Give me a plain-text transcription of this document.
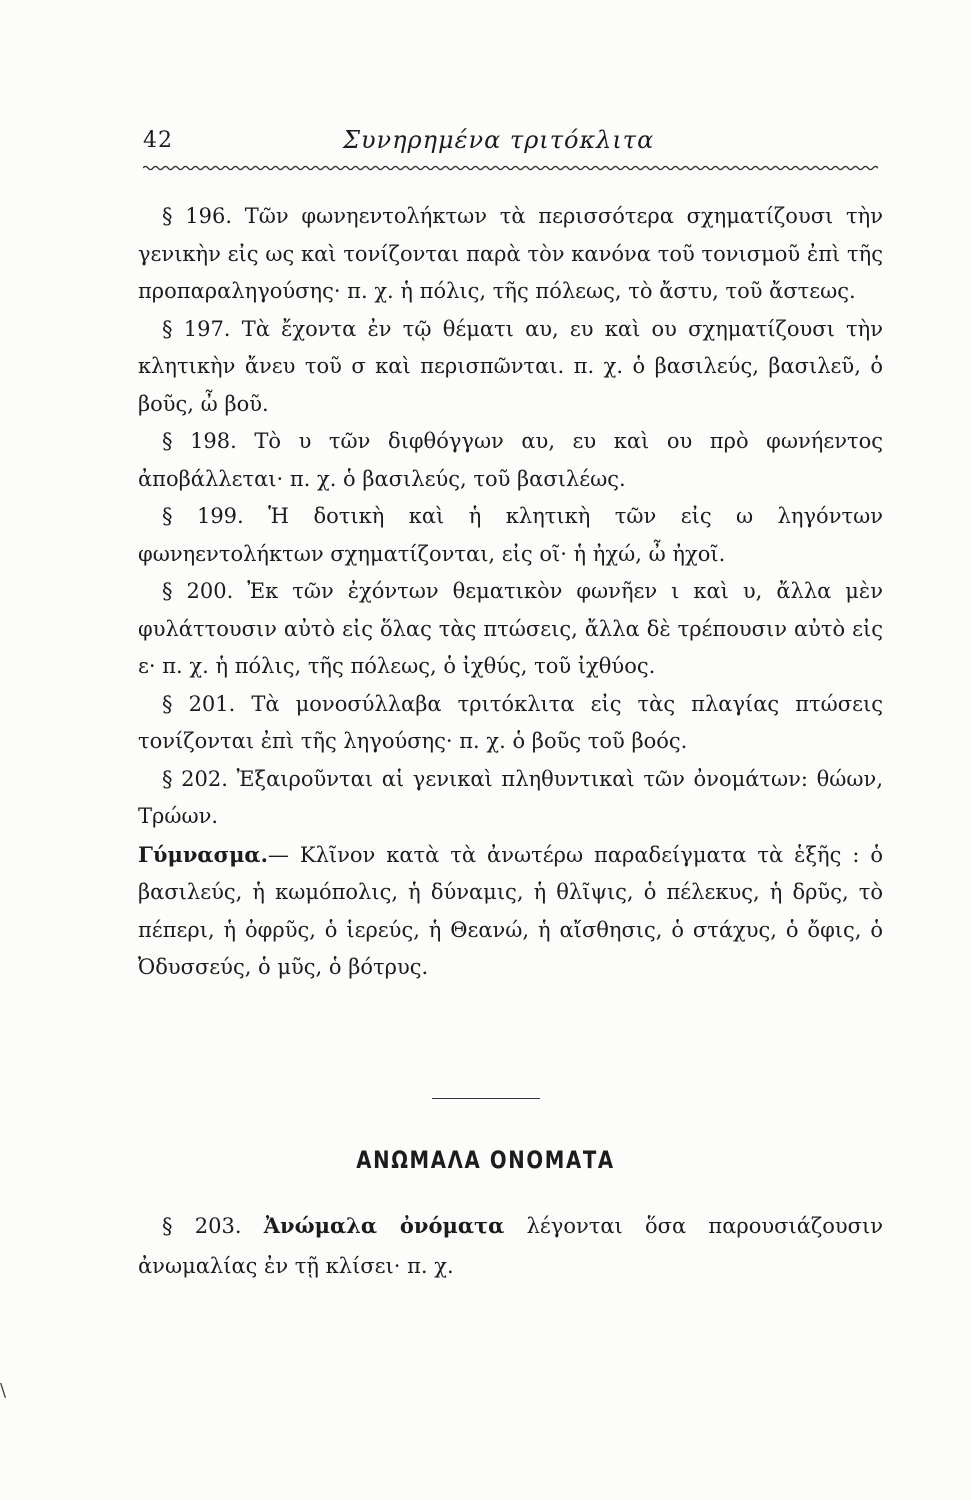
42	Συνηρημένα τριτόκλιτα

§ 196. Τῶν φωνηεντολήκτων τὰ περισσότερα σχηματίζουσι τὴν γενικὴν εἰς ως καὶ τονίζονται παρὰ τὸν κανόνα τοῦ τονισμοῦ ἐπὶ τῆς προπαραληγούσης· π. χ. ἡ πόλις, τῆς πόλεως, τὸ ἄστυ, τοῦ ἄστεως.

§ 197. Τὰ ἔχοντα ἐν τῷ θέματι αυ, ευ καὶ ου σχηματίζουσι τὴν κλητικὴν ἄνευ τοῦ σ καὶ περισπῶνται. π. χ. ὁ βασιλεύς, βασιλεῦ, ὁ βοῦς, ὦ βοῦ.

§ 198. Τὸ υ τῶν διφθόγγων αυ, ευ καὶ ου πρὸ φωνήεντος ἀποβάλλεται· π. χ. ὁ βασιλεύς, τοῦ βασιλέως.

§ 199. Ἡ δοτικὴ καὶ ἡ κλητικὴ τῶν εἰς ω ληγόντων φωνηεντολήκτων σχηματίζονται, εἰς οῖ· ἡ ἠχώ, ὦ ἠχοῖ.

§ 200. Ἐκ τῶν ἐχόντων θεματικὸν φωνῆεν ι καὶ υ, ἄλλα μὲν φυλάττουσιν αὐτὸ εἰς ὅλας τὰς πτώσεις, ἄλλα δὲ τρέπουσιν αὐτὸ εἰς ε· π. χ. ἡ πόλις, τῆς πόλεως, ὁ ἰχθύς, τοῦ ἰχθύος.

§ 201. Τὰ μονοσύλλαβα τριτόκλιτα εἰς τὰς πλαγίας πτώσεις τονίζονται ἐπὶ τῆς ληγούσης· π. χ. ὁ βοῦς τοῦ βοός.

§ 202. Ἐξαιροῦνται αἱ γενικαὶ πληθυντικαὶ τῶν ὀνομάτων: θώων, Τρώων.

Γύμνασμα.— Κλῖνον κατὰ τὰ ἀνωτέρω παραδείγματα τὰ ἑξῆς : ὁ βασιλεύς, ἡ κωμόπολις, ἡ δύναμις, ἡ θλῖψις, ὁ πέλεκυς, ἡ δρῦς, τὸ πέπερι, ἡ ὀφρῦς, ὁ ἱερεύς, ἡ Θεανώ, ἡ αἴσθησις, ὁ στάχυς, ὁ ὄφις, ὁ Ὀδυσσεύς, ὁ μῦς, ὁ βότρυς.

ΑΝΩΜΑΛΑ ΟΝΟΜΑΤΑ

§ 203. Ἀνώμαλα ὀνόματα λέγονται ὅσα παρουσιάζουσιν ἀνωμαλίας ἐν τῇ κλίσει· π. χ.

\
